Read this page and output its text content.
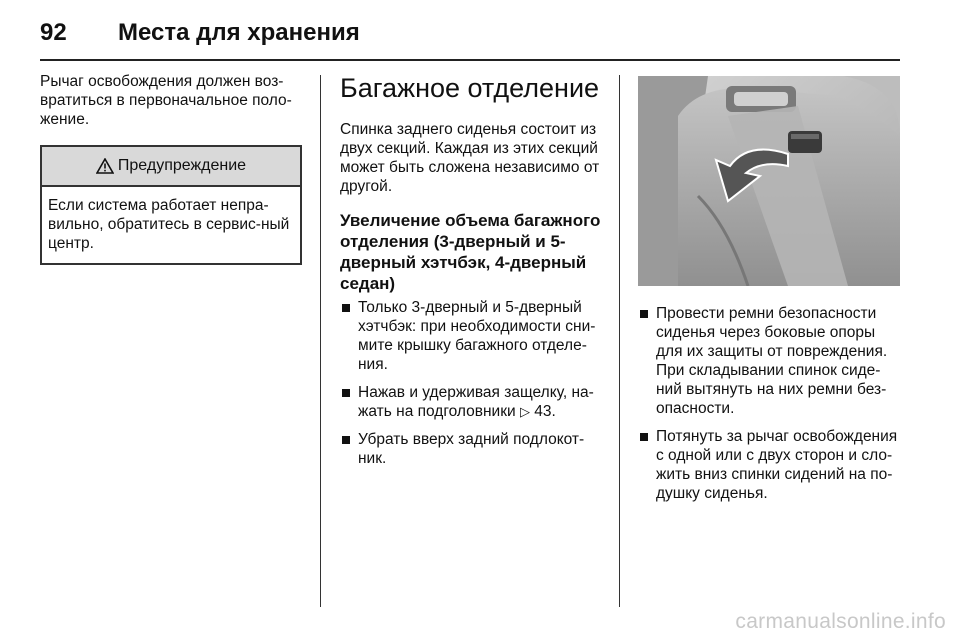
92 Места для хранения

Рычаг освобождения должен воз-вратиться в первоначальное поло-жение.

Предупреждение
Если система работает непра-вильно, обратитесь в сервис-ный центр.
Багажное отделение

Спинка заднего сиденья состоит из двух секций. Каждая из этих секций может быть сложена независимо от другой.

Увеличение объема багажного отделения (3-дверный и 5-дверный хэтчбэк, 4-дверный седан)
Только 3-дверный и 5-дверный хэтчбэк: при необходимости сни-мите крышку багажного отделе-ния.
Нажав и удерживая защелку, на-жать на подголовники ▷ 43.
Убрать вверх задний подлокот-ник.
Провести ремни безопасности сиденья через боковые опоры для их защиты от повреждения. При складывании спинок сиде-ний вытянуть на них ремни без-опасности.
Потянуть за рычаг освобождения с одной или с двух сторон и сло-жить вниз спинки сидений на по-душку сиденья.
carmanualsonline.info
